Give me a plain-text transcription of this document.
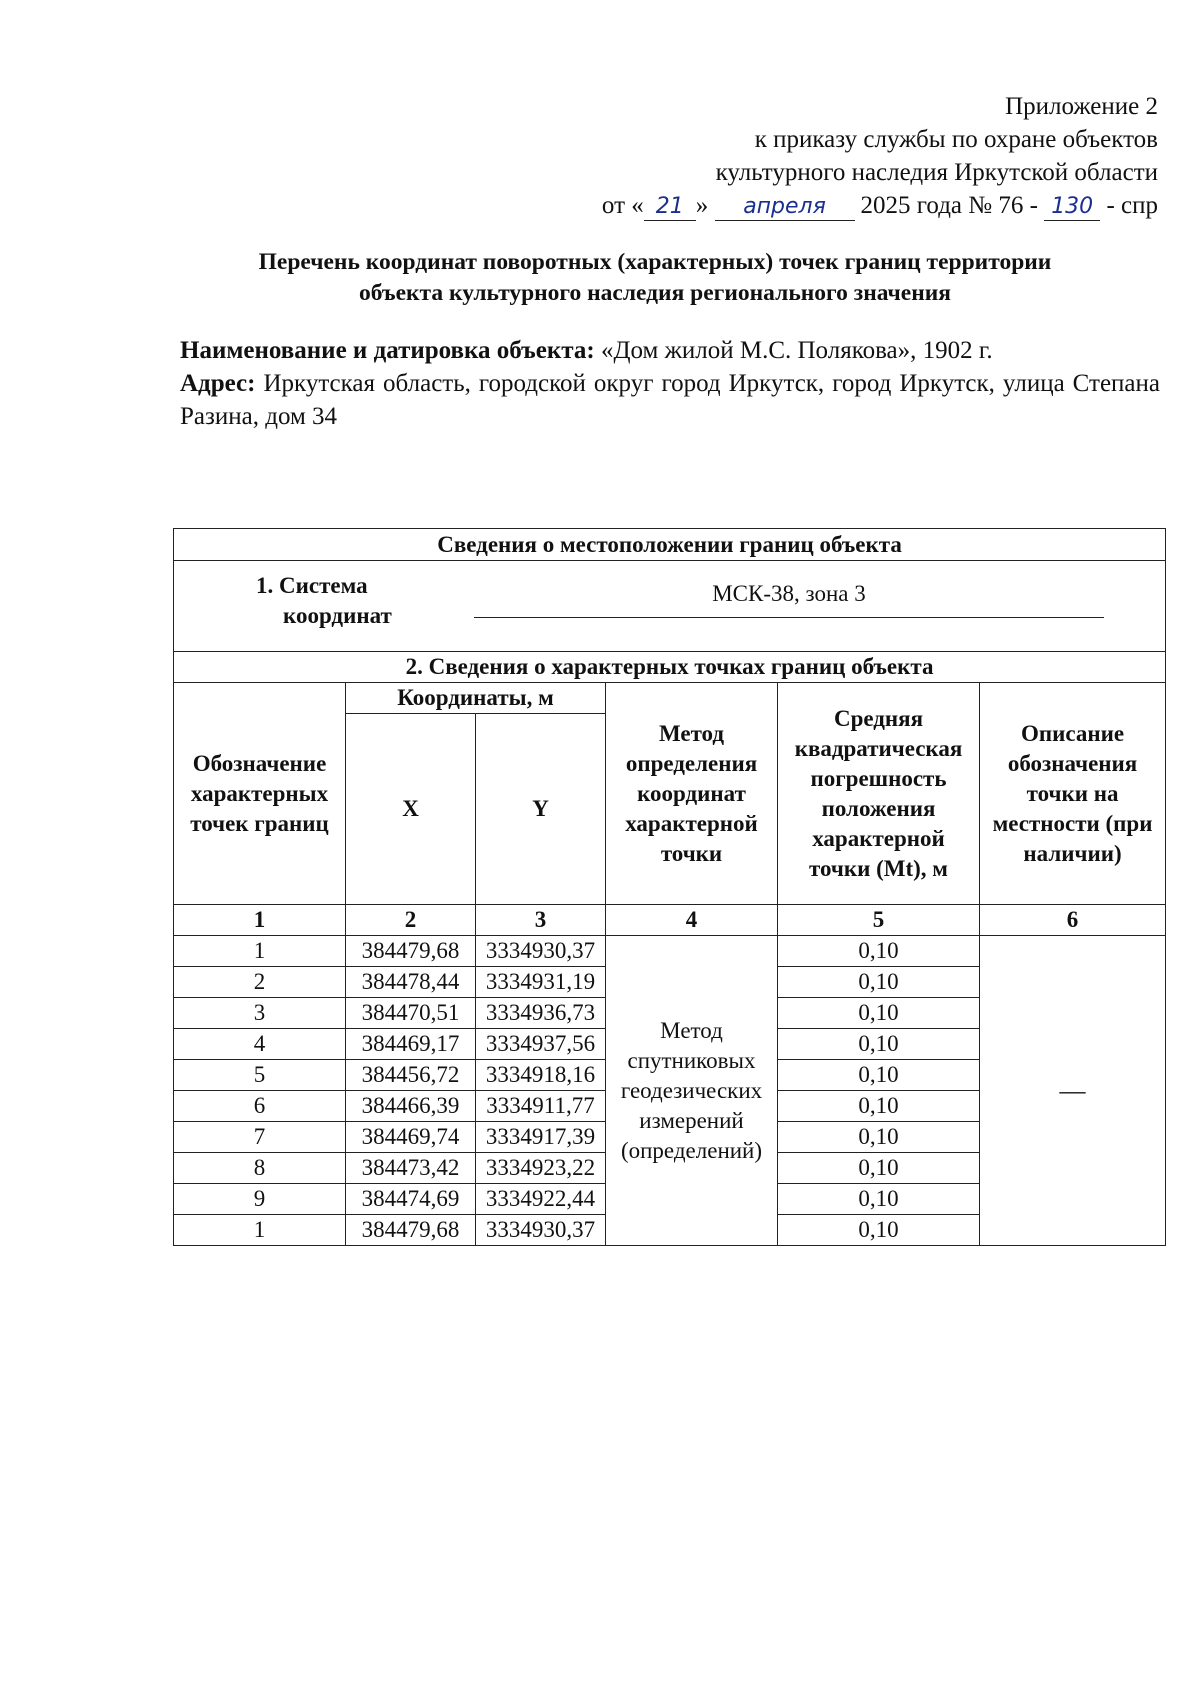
Приложение 2
к приказу службы по охране объектов
культурного наследия Иркутской области
от « 21 » апреля 2025 года № 76 - 130 - спр
Перечень координат поворотных (характерных) точек границ территории
объекта культурного наследия регионального значения
Наименование и датировка объекта: «Дом жилой М.С. Полякова», 1902 г.
Адрес: Иркутская область, городской округ город Иркутск, город Иркутск, улица Степана Разина, дом 34
Сведения о местоположении границ объекта					

1. Система
координат
МСК-38, зона 3					

2. Сведения о характерных точках границ объекта					
Обозначение характерных точек границ	Координаты, м		Метод определения координат характерной точки	Средняя квадратическая погрешность положения характерной точки (Mt), м	Описание обозначения точки на местности (при наличии)
	X	Y			
1	2	3	4	5	6
1	384479,68	3334930,37	Метод спутниковых геодезических измерений (определений)	0,10	—
2	384478,44	3334931,19		0,10	
3	384470,51	3334936,73		0,10	
4	384469,17	3334937,56		0,10	
5	384456,72	3334918,16		0,10	
6	384466,39	3334911,77		0,10	
7	384469,74	3334917,39		0,10	
8	384473,42	3334923,22		0,10	
9	384474,69	3334922,44		0,10	
1	384479,68	3334930,37		0,10	
